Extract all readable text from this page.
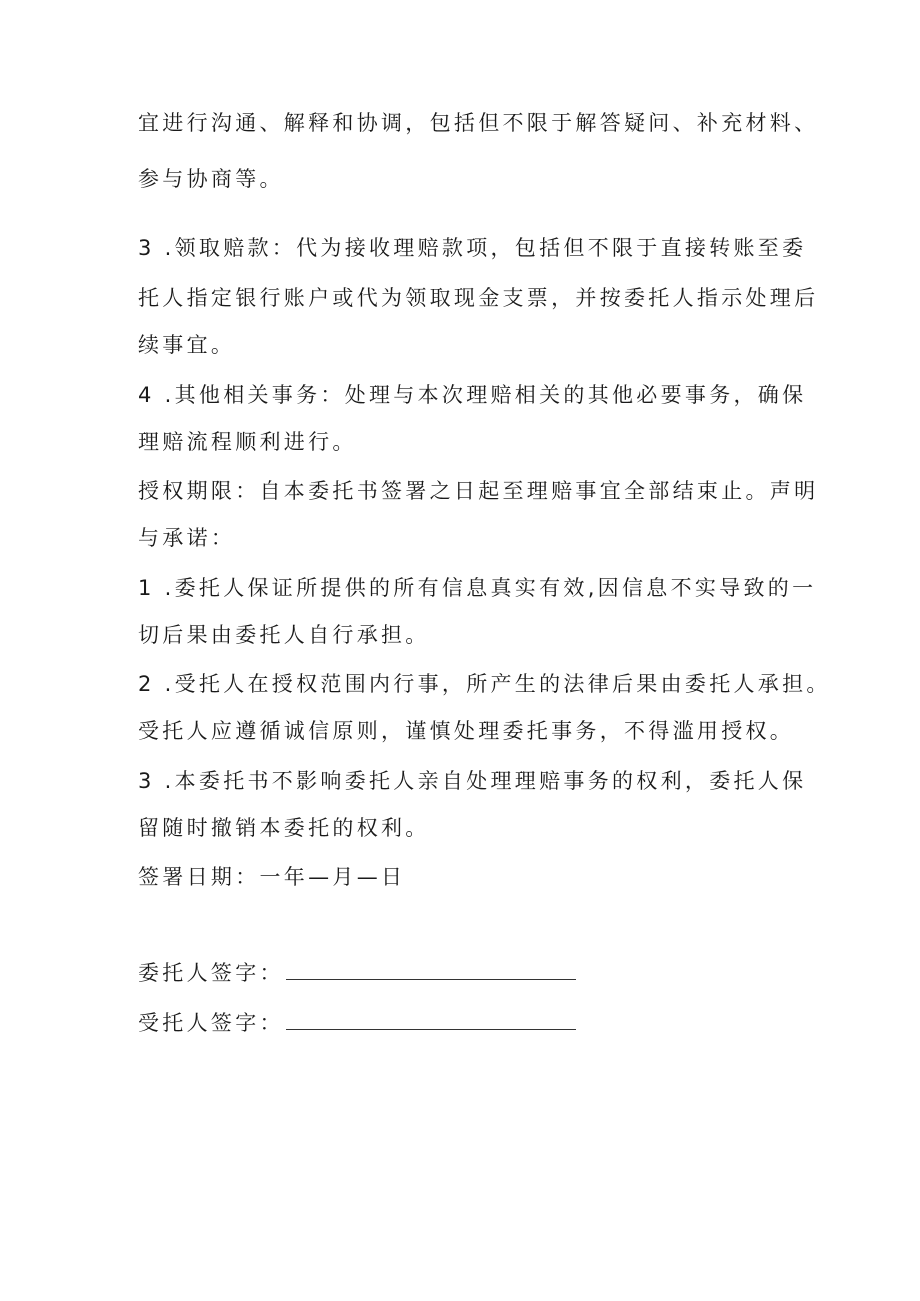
宜进行沟通、解释和协调，包括但不限于解答疑问、补充材料、
参与协商等。
3 .领取赔款：代为接收理赔款项，包括但不限于直接转账至委
托人指定银行账户或代为领取现金支票，并按委托人指示处理后
续事宜。
4 .其他相关事务：处理与本次理赔相关的其他必要事务，确保
理赔流程顺利进行。
授权期限：自本委托书签署之日起至理赔事宜全部结束止。声明
与承诺：
1 .委托人保证所提供的所有信息真实有效,因信息不实导致的一
切后果由委托人自行承担。
2 .受托人在授权范围内行事，所产生的法律后果由委托人承担。
受托人应遵循诚信原则，谨慎处理委托事务，不得滥用授权。
3 .本委托书不影响委托人亲自处理理赔事务的权利，委托人保
留随时撤销本委托的权利。
签署日期：一年—月—日
委托人签字：
受托人签字：
